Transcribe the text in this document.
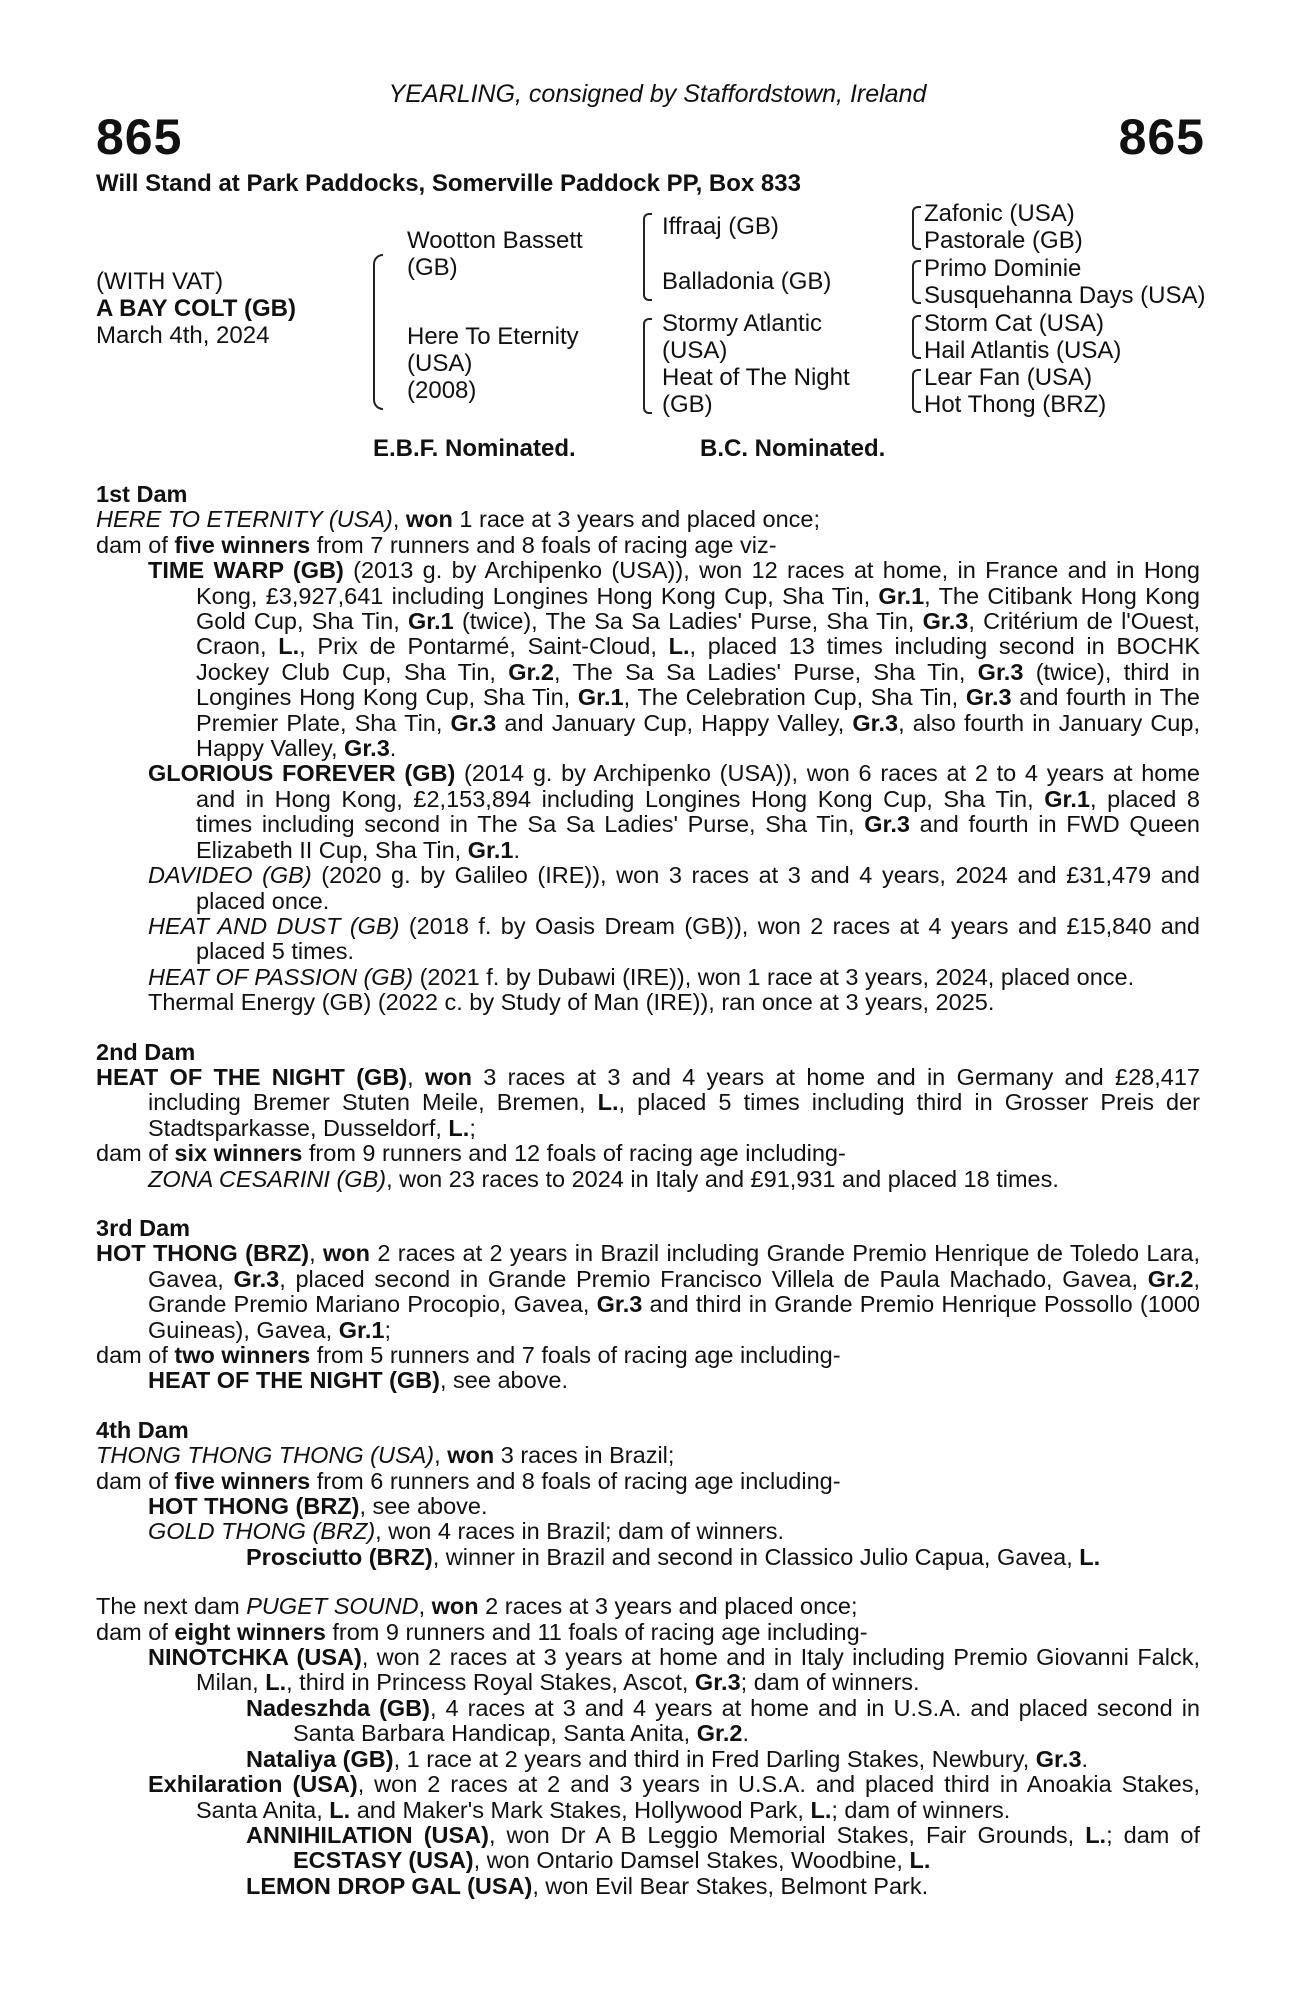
YEARLING, consigned by Staffordstown, Ireland
865	865
Will Stand at Park Paddocks, Somerville Paddock PP, Box 833
(WITH VAT)
A BAY COLT (GB)
March 4th, 2024
Wootton Bassett
(GB)
Here To Eternity
(USA)
(2008)
Iffraaj (GB)
Balladonia (GB)
Stormy Atlantic
(USA)
Heat of The Night
(GB)
Zafonic (USA)
Pastorale (GB)
Primo Dominie
Susquehanna Days (USA)
Storm Cat (USA)
Hail Atlantis (USA)
Lear Fan (USA)
Hot Thong (BRZ)
E.B.F. Nominated.	B.C. Nominated.

1st Dam

HERE TO ETERNITY (USA), won 1 race at 3 years and placed once;

dam of five winners from 7 runners and 8 foals of racing age viz-

TIME WARP (GB) (2013 g. by Archipenko (USA)), won 12 races at home, in France and in Hong Kong, £3,927,641 including Longines Hong Kong Cup, Sha Tin, Gr.1, The Citibank Hong Kong Gold Cup, Sha Tin, Gr.1 (twice), The Sa Sa Ladies' Purse, Sha Tin, Gr.3, Critérium de l'Ouest, Craon, L., Prix de Pontarmé, Saint-Cloud, L., placed 13 times including second in BOCHK Jockey Club Cup, Sha Tin, Gr.2, The Sa Sa Ladies' Purse, Sha Tin, Gr.3 (twice), third in Longines Hong Kong Cup, Sha Tin, Gr.1, The Celebration Cup, Sha Tin, Gr.3 and fourth in The Premier Plate, Sha Tin, Gr.3 and January Cup, Happy Valley, Gr.3, also fourth in January Cup, Happy Valley, Gr.3.

GLORIOUS FOREVER (GB) (2014 g. by Archipenko (USA)), won 6 races at 2 to 4 years at home and in Hong Kong, £2,153,894 including Longines Hong Kong Cup, Sha Tin, Gr.1, placed 8 times including second in The Sa Sa Ladies' Purse, Sha Tin, Gr.3 and fourth in FWD Queen Elizabeth II Cup, Sha Tin, Gr.1.

DAVIDEO (GB) (2020 g. by Galileo (IRE)), won 3 races at 3 and 4 years, 2024 and £31,479 and placed once.

HEAT AND DUST (GB) (2018 f. by Oasis Dream (GB)), won 2 races at 4 years and £15,840 and placed 5 times.

HEAT OF PASSION (GB) (2021 f. by Dubawi (IRE)), won 1 race at 3 years, 2024, placed once.

Thermal Energy (GB) (2022 c. by Study of Man (IRE)), ran once at 3 years, 2025.

2nd Dam

HEAT OF THE NIGHT (GB), won 3 races at 3 and 4 years at home and in Germany and £28,417 including Bremer Stuten Meile, Bremen, L., placed 5 times including third in Grosser Preis der Stadtsparkasse, Dusseldorf, L.;

dam of six winners from 9 runners and 12 foals of racing age including-

ZONA CESARINI (GB), won 23 races to 2024 in Italy and £91,931 and placed 18 times.

3rd Dam

HOT THONG (BRZ), won 2 races at 2 years in Brazil including Grande Premio Henrique de Toledo Lara, Gavea, Gr.3, placed second in Grande Premio Francisco Villela de Paula Machado, Gavea, Gr.2, Grande Premio Mariano Procopio, Gavea, Gr.3 and third in Grande Premio Henrique Possollo (1000 Guineas), Gavea, Gr.1;

dam of two winners from 5 runners and 7 foals of racing age including-

HEAT OF THE NIGHT (GB), see above.

4th Dam

THONG THONG THONG (USA), won 3 races in Brazil;

dam of five winners from 6 runners and 8 foals of racing age including-

HOT THONG (BRZ), see above.

GOLD THONG (BRZ), won 4 races in Brazil; dam of winners.

Prosciutto (BRZ), winner in Brazil and second in Classico Julio Capua, Gavea, L.

The next dam PUGET SOUND, won 2 races at 3 years and placed once;

dam of eight winners from 9 runners and 11 foals of racing age including-

NINOTCHKA (USA), won 2 races at 3 years at home and in Italy including Premio Giovanni Falck, Milan, L., third in Princess Royal Stakes, Ascot, Gr.3; dam of winners.

Nadeszhda (GB), 4 races at 3 and 4 years at home and in U.S.A. and placed second in Santa Barbara Handicap, Santa Anita, Gr.2.

Nataliya (GB), 1 race at 2 years and third in Fred Darling Stakes, Newbury, Gr.3.

Exhilaration (USA), won 2 races at 2 and 3 years in U.S.A. and placed third in Anoakia Stakes, Santa Anita, L. and Maker's Mark Stakes, Hollywood Park, L.; dam of winners.

ANNIHILATION (USA), won Dr A B Leggio Memorial Stakes, Fair Grounds, L.; dam of ECSTASY (USA), won Ontario Damsel Stakes, Woodbine, L.

LEMON DROP GAL (USA), won Evil Bear Stakes, Belmont Park.
